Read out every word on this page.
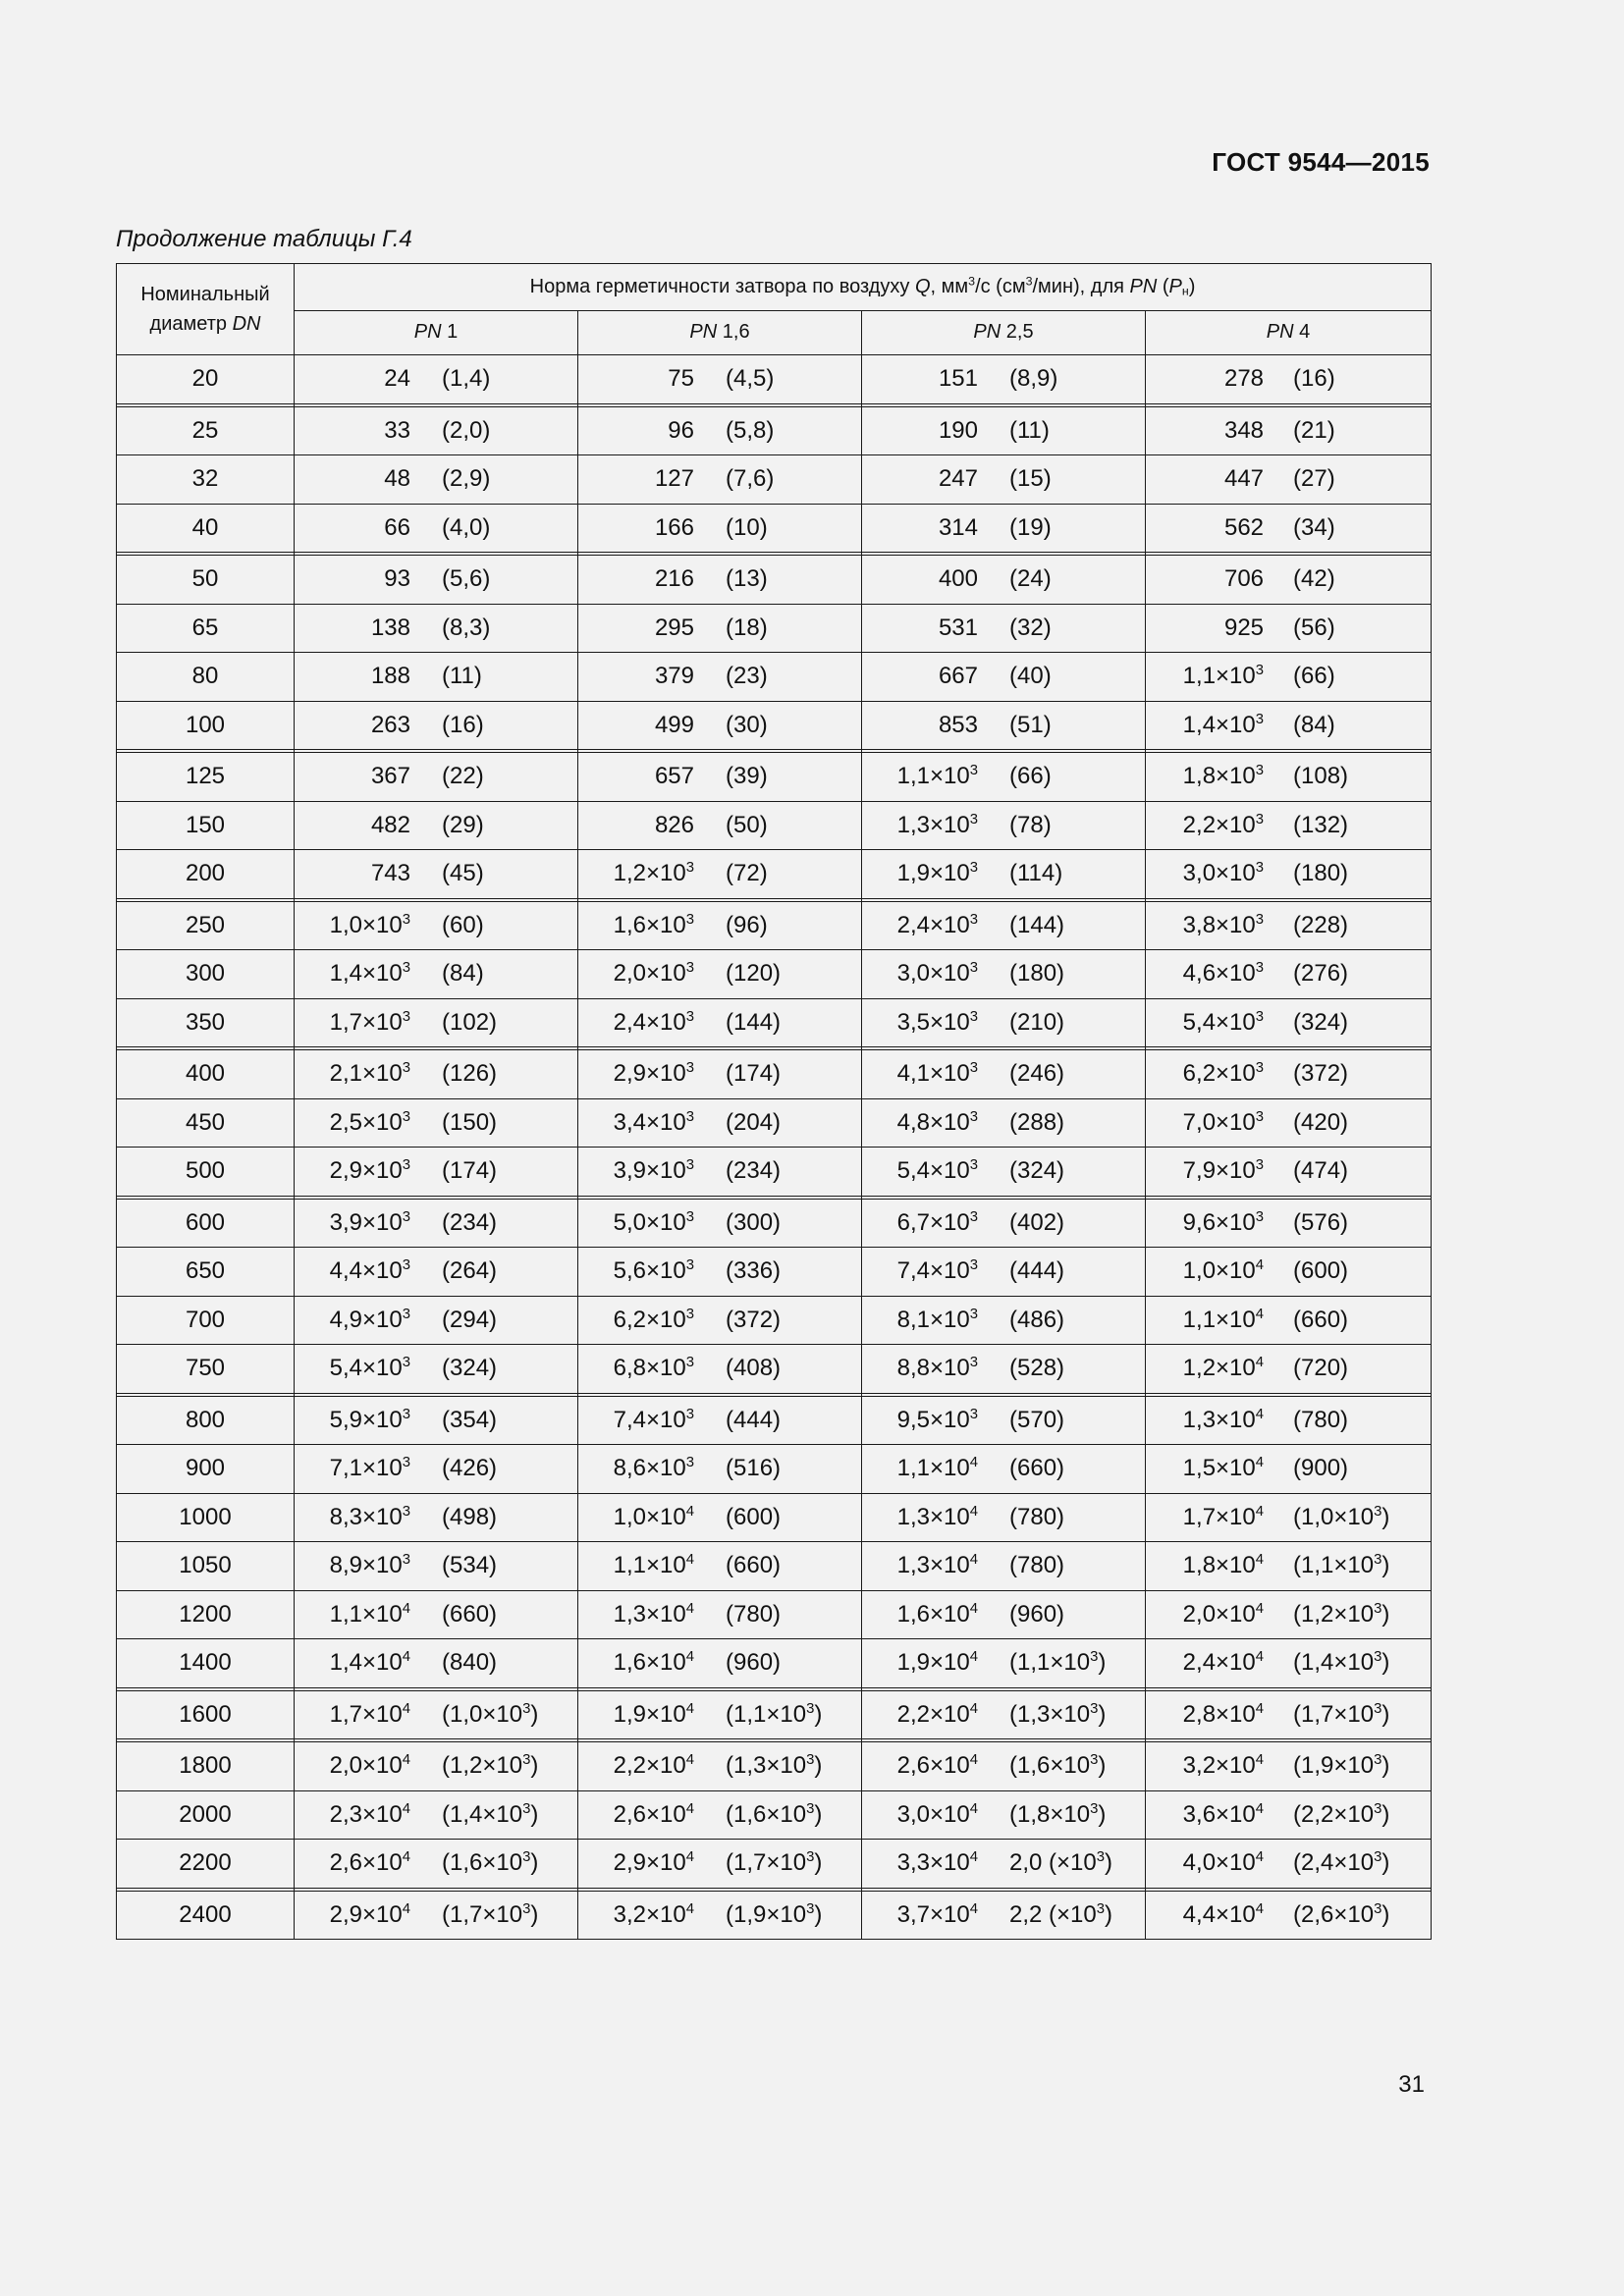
ГОСТ 9544—2015
Продолжение таблицы Г.4
Номинальный
диаметр DN	Норма герметичности затвора по воздуху Q, $мм^3/с$ $(см^3/мин)$, для PN $(P_н)$			
	PN 1	PN 1,6	PN 2,5	PN 4
20	24 (1,4)	75 (4,5)	151 (8,9)	278 (16)

25	33 (2,0)	96 (5,8)	190 (11)	348 (21)

32	48 (2,9)	127 (7,6)	247 (15)	447 (27)

40	66 (4,0)	166 (10)	314 (19)	562 (34)

50	93 (5,6)	216 (13)	400 (24)	706 (42)

65	138 (8,3)	295 (18)	531 (32)	925 (56)

80	188 (11)	379 (23)	667 (40)	$1,1\times 10^3$ (66)

100	263 (16)	499 (30)	853 (51)	$1,4\times 10^3$ (84)

125	367 (22)	657 (39)	$1,1\times 10^3$ (66)	$1,8\times 10^3$ (108)

150	482 (29)	826 (50)	$1,3\times 10^3$ (78)	$2,2\times 10^3$ (132)

200	743 (45)	$1,2\times 10^3$ (72)	$1,9\times 10^3$ (114)	$3,0\times 10^3$ (180)

250	$1,0\times 10^3$ (60)	$1,6\times 10^3$ (96)	$2,4\times 10^3$ (144)	$3,8\times 10^3$ (228)

300	$1,4\times 10^3$ (84)	$2,0\times 10^3$ (120)	$3,0\times 10^3$ (180)	$4,6\times 10^3$ (276)

350	$1,7\times 10^3$ (102)	$2,4\times 10^3$ (144)	$3,5\times 10^3$ (210)	$5,4\times 10^3$ (324)

400	$2,1\times 10^3$ (126)	$2,9\times 10^3$ (174)	$4,1\times 10^3$ (246)	$6,2\times 10^3$ (372)

450	$2,5\times 10^3$ (150)	$3,4\times 10^3$ (204)	$4,8\times 10^3$ (288)	$7,0\times 10^3$ (420)

500	$2,9\times 10^3$ (174)	$3,9\times 10^3$ (234)	$5,4\times 10^3$ (324)	$7,9\times 10^3$ (474)

600	$3,9\times 10^3$ (234)	$5,0\times 10^3$ (300)	$6,7\times 10^3$ (402)	$9,6\times 10^3$ (576)

650	$4,4\times 10^3$ (264)	$5,6\times 10^3$ (336)	$7,4\times 10^3$ (444)	$1,0\times 10^4$ (600)

700	$4,9\times 10^3$ (294)	$6,2\times 10^3$ (372)	$8,1\times 10^3$ (486)	$1,1\times 10^4$ (660)

750	$5,4\times 10^3$ (324)	$6,8\times 10^3$ (408)	$8,8\times 10^3$ (528)	$1,2\times 10^4$ (720)

800	$5,9\times 10^3$ (354)	$7,4\times 10^3$ (444)	$9,5\times 10^3$ (570)	$1,3\times 10^4$ (780)

900	$7,1\times 10^3$ (426)	$8,6\times 10^3$ (516)	$1,1\times 10^4$ (660)	$1,5\times 10^4$ (900)

1000	$8,3\times 10^3$ (498)	$1,0\times 10^4$ (600)	$1,3\times 10^4$ (780)	$1,7\times 10^4$ $(1,0\times 10^3)$

1050	$8,9\times 10^3$ (534)	$1,1\times 10^4$ (660)	$1,3\times 10^4$ (780)	$1,8\times 10^4$ $(1,1\times 10^3)$

1200	$1,1\times 10^4$ (660)	$1,3\times 10^4$ (780)	$1,6\times 10^4$ (960)	$2,0\times 10^4$ $(1,2\times 10^3)$

1400	$1,4\times 10^4$ (840)	$1,6\times 10^4$ (960)	$1,9\times 10^4$ $(1,1\times 10^3)$	$2,4\times 10^4$ $(1,4\times 10^3)$

1600	$1,7\times 10^4$ $(1,0\times 10^3)$	$1,9\times 10^4$ $(1,1\times 10^3)$	$2,2\times 10^4$ $(1,3\times 10^3)$	$2,8\times 10^4$ $(1,7\times 10^3)$

1800	$2,0\times 10^4$ $(1,2\times 10^3)$	$2,2\times 10^4$ $(1,3\times 10^3)$	$2,6\times 10^4$ $(1,6\times 10^3)$	$3,2\times 10^4$ $(1,9\times 10^3)$

2000	$2,3\times 10^4$ $(1,4\times 10^3)$	$2,6\times 10^4$ $(1,6\times 10^3)$	$3,0\times 10^4$ $(1,8\times 10^3)$	$3,6\times 10^4$ $(2,2\times 10^3)$

2200	$2,6\times 10^4$ $(1,6\times 10^3)$	$2,9\times 10^4$ $(1,7\times 10^3)$	$3,3\times 10^4$ 2,0 $(\times 10^3)$	$4,0\times 10^4$ $(2,4\times 10^3)$

2400	$2,9\times 10^4$ $(1,7\times 10^3)$	$3,2\times 10^4$ $(1,9\times 10^3)$	$3,7\times 10^4$ 2,2 $(\times 10^3)$	$4,4\times 10^4$ $(2,6\times 10^3)$
31
